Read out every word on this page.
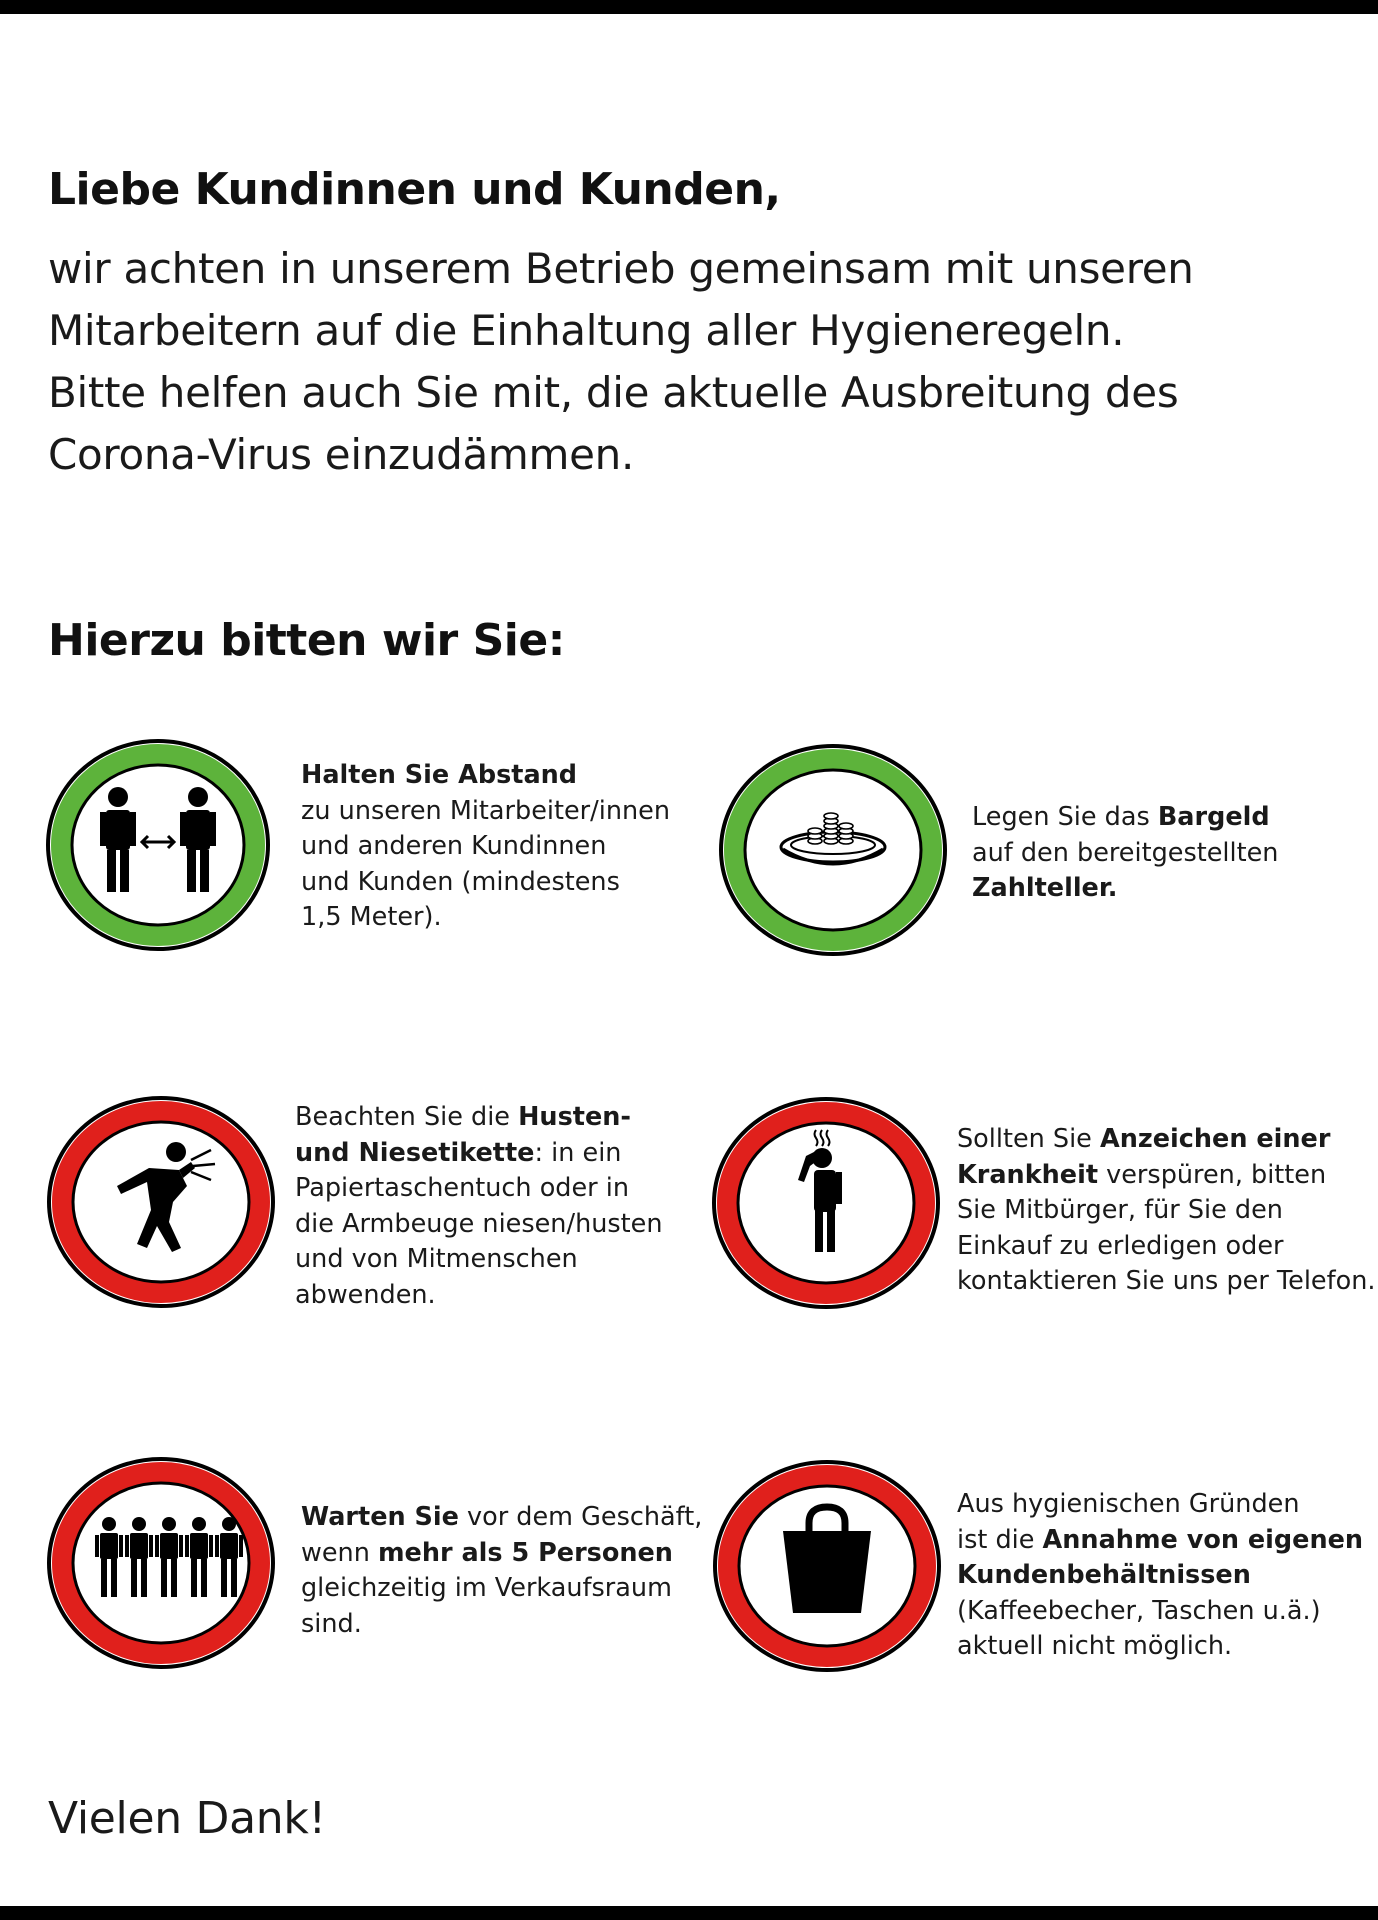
Liebe Kundinnen und Kunden,
wir achten in unserem Betrieb gemeinsam mit unseren
Mitarbeitern auf die Einhaltung aller Hygieneregeln.
Bitte helfen auch Sie mit, die aktuelle Ausbreitung des
Corona-Virus einzudämmen.
Hierzu bitten wir Sie:
Halten Sie Abstand
zu unseren Mitarbeiter/innen
und anderen Kundinnen
und Kunden (mindestens
1,5 Meter).
Legen Sie das Bargeld
auf den bereitgestellten
Zahlteller.
Beachten Sie die Husten-
und Niesetikette: in ein
Papiertaschentuch oder in
die Armbeuge niesen/husten
und von Mitmenschen
abwenden.
Sollten Sie Anzeichen einer
Krankheit verspüren, bitten
Sie Mitbürger, für Sie den
Einkauf zu erledigen oder
kontaktieren Sie uns per Telefon.
Warten Sie vor dem Geschäft,
wenn mehr als 5 Personen
gleichzeitig im Verkaufsraum
sind.
Aus hygienischen Gründen
ist die Annahme von eigenen
Kundenbehältnissen
(Kaffeebecher, Taschen u.ä.)
aktuell nicht möglich.
Vielen Dank!
